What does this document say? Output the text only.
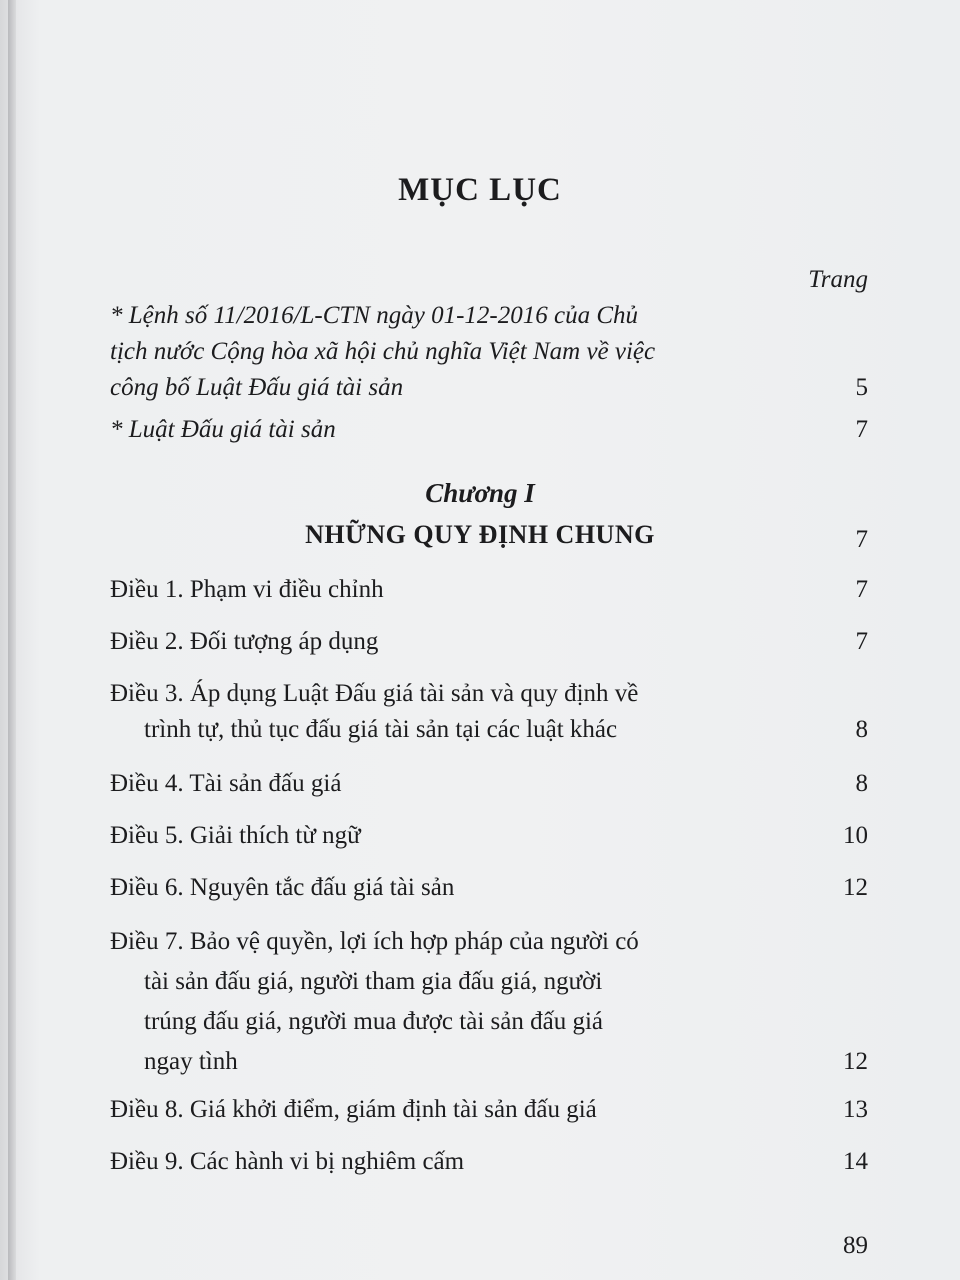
MỤC LỤC
Trang
* Lệnh số 11/2016/L-CTN ngày 01-12-2016 của Chủ
tịch nước Cộng hòa xã hội chủ nghĩa Việt Nam về việc
công bố Luật Đấu giá tài sản	5
* Luật Đấu giá tài sản	7
Chương I
NHỮNG QUY ĐỊNH CHUNG	7
Điều 1. Phạm vi điều chỉnh	7
Điều 2. Đối tượng áp dụng	7
Điều 3. Áp dụng Luật Đấu giá tài sản và quy định về
trình tự, thủ tục đấu giá tài sản tại các luật khác	8
Điều 4. Tài sản đấu giá	8
Điều 5. Giải thích từ ngữ	10
Điều 6. Nguyên tắc đấu giá tài sản	12
Điều 7. Bảo vệ quyền, lợi ích hợp pháp của người có
tài sản đấu giá, người tham gia đấu giá, người
trúng đấu giá, người mua được tài sản đấu giá
ngay tình	12
Điều 8. Giá khởi điểm, giám định tài sản đấu giá	13
Điều 9. Các hành vi bị nghiêm cấm	14
89
